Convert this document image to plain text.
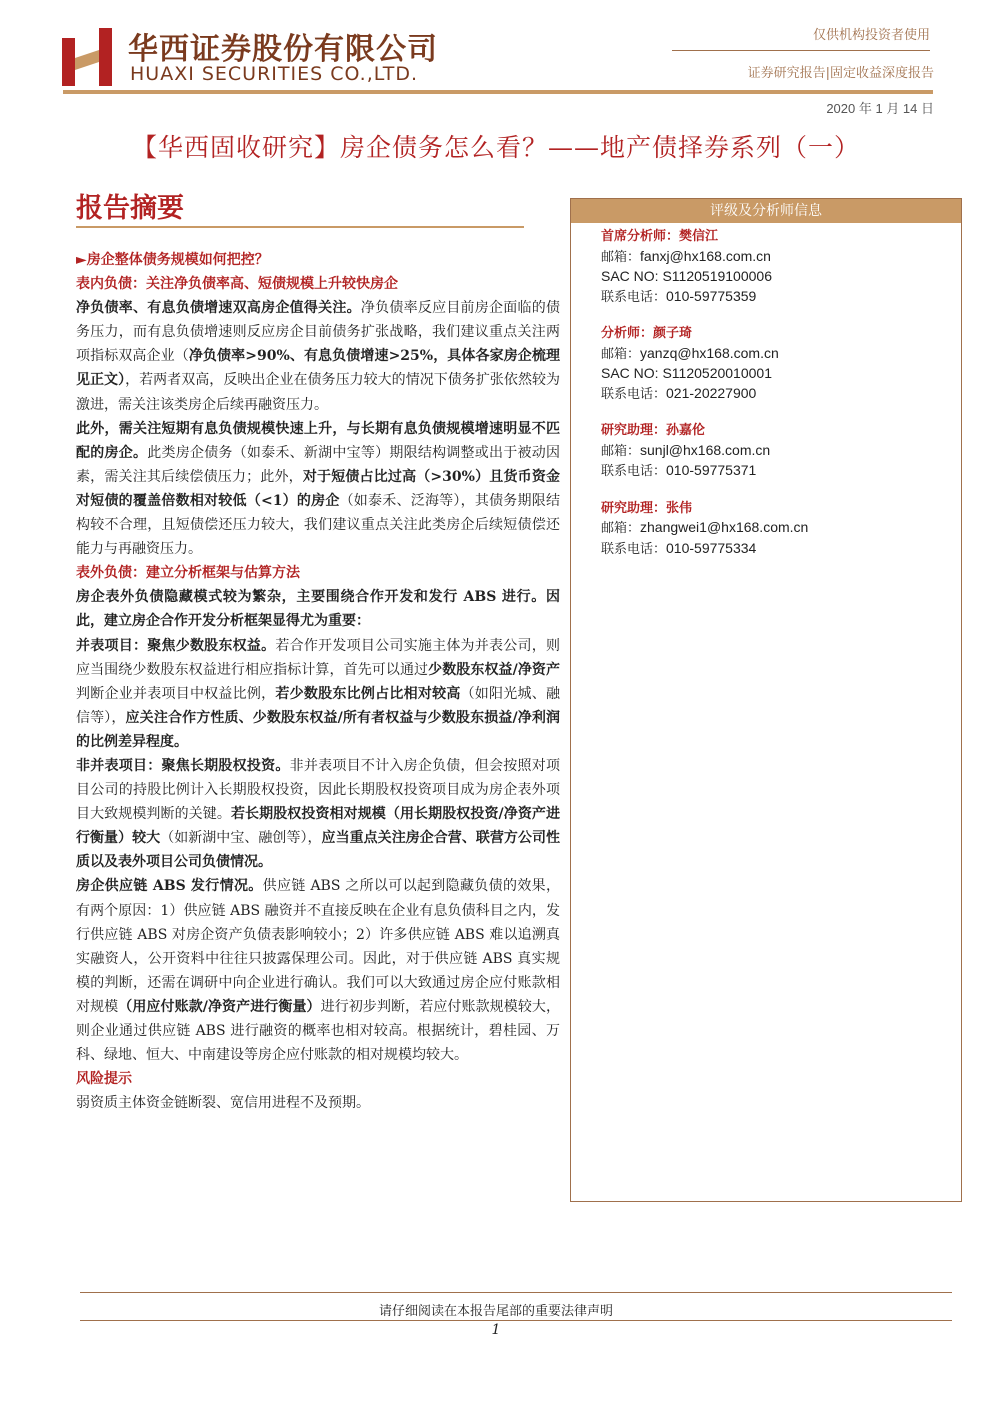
华西证券股份有限公司
HUAXI SECURITIES CO.,LTD.
仅供机构投资者使用
证券研究报告|固定收益深度报告
2020 年 1 月 14 日
【华西固收研究】房企债务怎么看？——地产债择券系列（一）
报告摘要

►房企整体债务规模如何把控？

表内负债：关注净负债率高、短债规模上升较快房企

净负债率、有息负债增速双高房企值得关注。净负债率反应目前房企面临的债务压力，而有息负债增速则反应房企目前债务扩张战略，我们建议重点关注两项指标双高企业（净负债率>90%、有息负债增速>25%，具体各家房企梳理见正文），若两者双高，反映出企业在债务压力较大的情况下债务扩张依然较为激进，需关注该类房企后续再融资压力。

此外，需关注短期有息负债规模快速上升，与长期有息负债规模增速明显不匹配的房企。此类房企债务（如泰禾、新湖中宝等）期限结构调整或出于被动因素，需关注其后续偿债压力；此外，对于短债占比过高（>30%）且货币资金对短债的覆盖倍数相对较低（<1）的房企（如泰禾、泛海等），其债务期限结构较不合理，且短债偿还压力较大，我们建议重点关注此类房企后续短债偿还能力与再融资压力。

表外负债：建立分析框架与估算方法

房企表外负债隐藏模式较为繁杂，主要围绕合作开发和发行 ABS 进行。因此，建立房企合作开发分析框架显得尤为重要：

并表项目：聚焦少数股东权益。若合作开发项目公司实施主体为并表公司，则应当围绕少数股东权益进行相应指标计算，首先可以通过少数股东权益/净资产判断企业并表项目中权益比例，若少数股东比例占比相对较高（如阳光城、融信等），应关注合作方性质、少数股东权益/所有者权益与少数股东损益/净利润的比例差异程度。

非并表项目：聚焦长期股权投资。非并表项目不计入房企负债，但会按照对项目公司的持股比例计入长期股权投资，因此长期股权投资项目成为房企表外项目大致规模判断的关键。若长期股权投资相对规模（用长期股权投资/净资产进行衡量）较大（如新湖中宝、融创等），应当重点关注房企合营、联营方公司性质以及表外项目公司负债情况。

房企供应链 ABS 发行情况。供应链 ABS 之所以可以起到隐藏负债的效果，有两个原因：1）供应链 ABS 融资并不直接反映在企业有息负债科目之内，发行供应链 ABS 对房企资产负债表影响较小；2）许多供应链 ABS 难以追溯真实融资人，公开资料中往往只披露保理公司。因此，对于供应链 ABS 真实规模的判断，还需在调研中向企业进行确认。我们可以大致通过房企应付账款相对规模（用应付账款/净资产进行衡量）进行初步判断，若应付账款规模较大，则企业通过供应链 ABS 进行融资的概率也相对较高。根据统计，碧桂园、万科、绿地、恒大、中南建设等房企应付账款的相对规模均较大。

风险提示

弱资质主体资金链断裂、宽信用进程不及预期。

评级及分析师信息

首席分析师：樊信江

邮箱：fanxj@hx168.com.cn

SAC NO: S1120519100006

联系电话：010-59775359

分析师：颜子琦

邮箱：yanzq@hx168.com.cn

SAC NO: S1120520010001

联系电话：021-20227900

研究助理：孙嘉伦

邮箱：sunjl@hx168.com.cn

联系电话：010-59775371

研究助理：张伟

邮箱：zhangwei1@hx168.com.cn

联系电话：010-59775334

请仔细阅读在本报告尾部的重要法律声明
1
